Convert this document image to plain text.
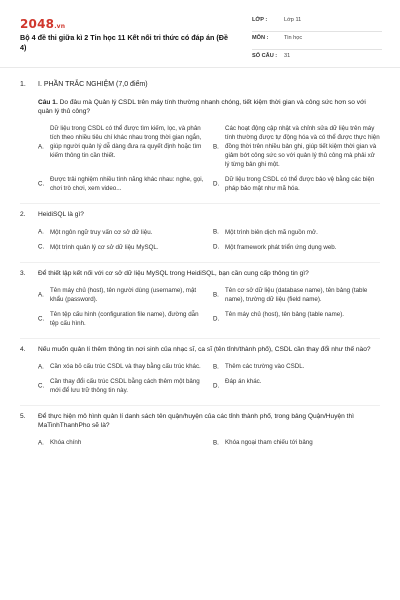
2048.vn
Bộ 4 đề thi giữa kì 2 Tin học 11 Kết nối tri thức có đáp án (Đề 4)
LỚP :	Lớp 11
MÔN :	Tin học
SỐ CÂU : 31
1. I. PHẦN TRẮC NGHIỆM (7,0 điểm)
Câu 1. Do đâu mà Quản lý CSDL trên máy tính thường nhanh chóng, tiết kiệm thời gian và công sức hơn so với quản lý thủ công?
A.
Dữ liệu trong CSDL có thể được tìm kiếm, lọc, và phân tích theo nhiều tiêu chí khác nhau trong thời gian ngắn, giúp người quản lý dễ dàng đưa ra quyết định hoặc tìm kiếm thông tin cần thiết.
B.
Các hoạt động cập nhật và chỉnh sửa dữ liệu trên máy tính thường được tự động hóa và có thể được thực hiện đồng thời trên nhiều bản ghi, giúp tiết kiệm thời gian và giảm bớt công sức so với quản lý thủ công mà phải xử lý từng bản ghi một.
C.
Được trải nghiệm nhiều tính năng khác nhau: nghe, gọi, chơi trò chơi, xem video...
D.
Dữ liệu trong CSDL có thể được bảo vệ bằng các biện pháp bảo mật như mã hóa.
2. HeidiSQL là gì?
A. Một ngôn ngữ truy vấn cơ sở dữ liệu.	B. Một trình biên dịch mã nguồn mở.
C. Một trình quản lý cơ sở dữ liệu MySQL.	D. Một framework phát triển ứng dụng web.
3. Để thiết lập kết nối với cơ sở dữ liệu MySQL trong HeidiSQL, bạn cần cung cấp thông tin gì?
A.
Tên máy chủ (host), tên người dùng (username), mật khẩu (password).
B.
Tên cơ sở dữ liệu (database name), tên bảng (table name), trường dữ liệu (field name).
C.
Tên tệp cấu hình (configuration file name), đường dẫn tệp cấu hình.
D.
Tên máy chủ (host), tên bảng (table name).
4. Nếu muốn quản lí thêm thông tin nơi sinh của nhạc sĩ, ca sĩ (tên tỉnh/thành phố), CSDL cần thay đổi như thế nào?
A. Cần xóa bỏ cấu trúc CSDL và thay bằng cấu trúc khác.	B. Thêm các trường vào CSDL.
C.
Cần thay đổi cấu trúc CSDL bằng cách thêm một bảng mới để lưu trữ thông tin này.
D.
Đáp án khác.
5. Để thực hiện mô hình quản lí danh sách tên quận/huyện của các tỉnh thành phố, trong bảng Quận/Huyện thì MaTinhThanhPho sẽ là?
A. Khóa chính	B. Khóa ngoại tham chiếu tới bảng
